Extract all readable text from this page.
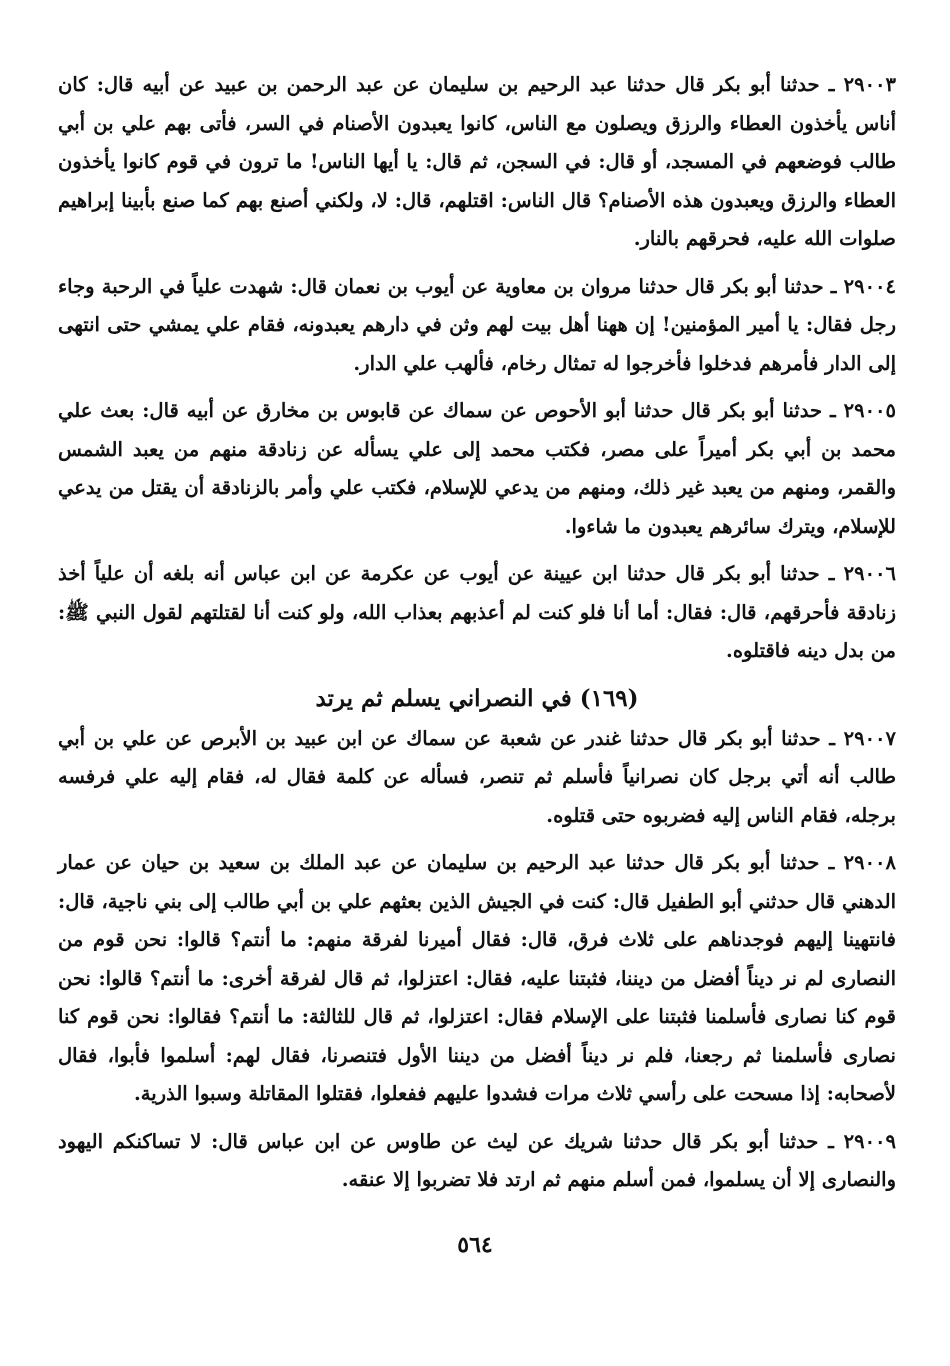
٢٩٠٠٣ ـ حدثنا أبو بكر قال حدثنا عبد الرحيم بن سليمان عن عبد الرحمن بن عبيد عن أبيه قال: كان أناس يأخذون العطاء والرزق ويصلون مع الناس، كانوا يعبدون الأصنام في السر، فأتى بهم علي بن أبي طالب فوضعهم في المسجد، أو قال: في السجن، ثم قال: يا أيها الناس! ما ترون في قوم كانوا يأخذون العطاء والرزق ويعبدون هذه الأصنام؟ قال الناس: اقتلهم، قال: لا، ولكني أصنع بهم كما صنع بأبينا إبراهيم صلوات الله عليه، فحرقهم بالنار.

٢٩٠٠٤ ـ حدثنا أبو بكر قال حدثنا مروان بن معاوية عن أيوب بن نعمان قال: شهدت علياً في الرحبة وجاء رجل فقال: يا أمير المؤمنين! إن ههنا أهل بيت لهم وثن في دارهم يعبدونه، فقام علي يمشي حتى انتهى إلى الدار فأمرهم فدخلوا فأخرجوا له تمثال رخام، فألهب علي الدار.

٢٩٠٠٥ ـ حدثنا أبو بكر قال حدثنا أبو الأحوص عن سماك عن قابوس بن مخارق عن أبيه قال: بعث علي محمد بن أبي بكر أميراً على مصر، فكتب محمد إلى علي يسأله عن زنادقة منهم من يعبد الشمس والقمر، ومنهم من يعبد غير ذلك، ومنهم من يدعي للإسلام، فكتب علي وأمر بالزنادقة أن يقتل من يدعي للإسلام، ويترك سائرهم يعبدون ما شاءوا.

٢٩٠٠٦ ـ حدثنا أبو بكر قال حدثنا ابن عيينة عن أيوب عن عكرمة عن ابن عباس أنه بلغه أن علياً أخذ زنادقة فأحرقهم، قال: فقال: أما أنا فلو كنت لم أعذبهم بعذاب الله، ولو كنت أنا لقتلتهم لقول النبي ﷺ: من بدل دينه فاقتلوه.

(١٦٩) في النصراني يسلم ثم يرتد

٢٩٠٠٧ ـ حدثنا أبو بكر قال حدثنا غندر عن شعبة عن سماك عن ابن عبيد بن الأبرص عن علي بن أبي طالب أنه أتي برجل كان نصرانياً فأسلم ثم تنصر، فسأله عن كلمة فقال له، فقام إليه علي فرفسه برجله، فقام الناس إليه فضربوه حتى قتلوه.

٢٩٠٠٨ ـ حدثنا أبو بكر قال حدثنا عبد الرحيم بن سليمان عن عبد الملك بن سعيد بن حيان عن عمار الدهني قال حدثني أبو الطفيل قال: كنت في الجيش الذين بعثهم علي بن أبي طالب إلى بني ناجية، قال: فانتهينا إليهم فوجدناهم على ثلاث فرق، قال: فقال أميرنا لفرقة منهم: ما أنتم؟ قالوا: نحن قوم من النصارى لم نر ديناً أفضل من ديننا، فثبتنا عليه، فقال: اعتزلوا، ثم قال لفرقة أخرى: ما أنتم؟ قالوا: نحن قوم كنا نصارى فأسلمنا فثبتنا على الإسلام فقال: اعتزلوا، ثم قال للثالثة: ما أنتم؟ فقالوا: نحن قوم كنا نصارى فأسلمنا ثم رجعنا، فلم نر ديناً أفضل من ديننا الأول فتنصرنا، فقال لهم: أسلموا فأبوا، فقال لأصحابه: إذا مسحت على رأسي ثلاث مرات فشدوا عليهم ففعلوا، فقتلوا المقاتلة وسبوا الذرية.

٢٩٠٠٩ ـ حدثنا أبو بكر قال حدثنا شريك عن ليث عن طاوس عن ابن عباس قال: لا تساكنكم اليهود والنصارى إلا أن يسلموا، فمن أسلم منهم ثم ارتد فلا تضربوا إلا عنقه.

٥٦٤
